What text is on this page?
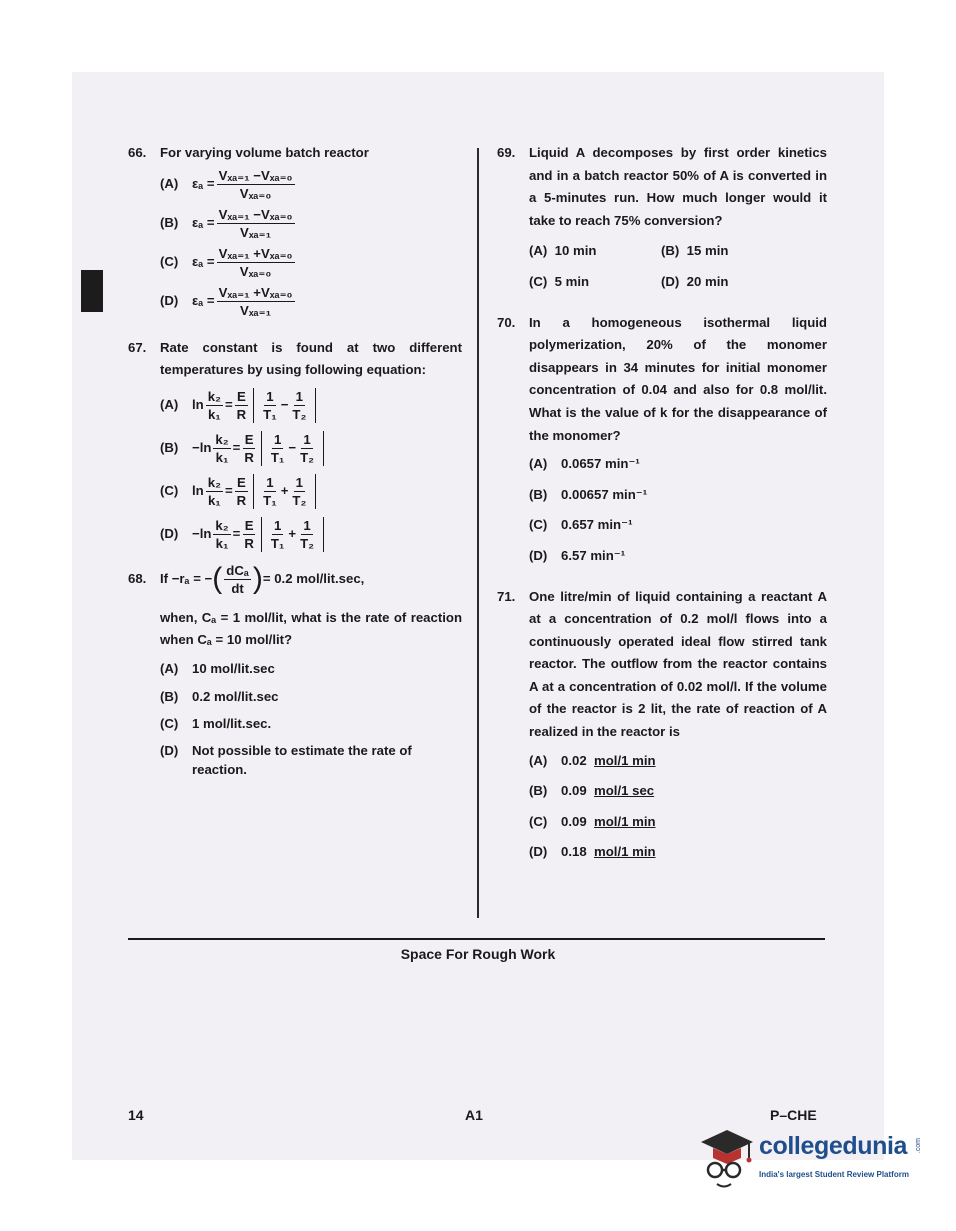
66. For varying volume batch reactor
(A)	$\varepsilon_a = \frac{\text{Vₓₐ₌₁ −Vₓₐ₌₀}}{\text{Vₓₐ₌₀}}$
(B)	$\varepsilon_a = \frac{\text{Vₓₐ₌₁ −Vₓₐ₌₀}}{\text{Vₓₐ₌₁}}$
(C)	$\varepsilon_a = \frac{\text{Vₓₐ₌₁ +Vₓₐ₌₀}}{\text{Vₓₐ₌₀}}$
(D)	$\varepsilon_a = \frac{\text{Vₓₐ₌₁ +Vₓₐ₌₀}}{\text{Vₓₐ₌₁}}$
67. Rate constant is found at two different temperatures by using following equation:
(A)	$\ln \frac{\text{k₂}}{\text{k₁}} = \frac{E}{R} \frac{1}{\text{T₁}} - \frac{1}{\text{T₂}}$
(B)	$-\ln \frac{\text{k₂}}{\text{k₁}} = \frac{E}{R} \frac{1}{\text{T₁}} - \frac{1}{\text{T₂}}$
(C)	$\ln \frac{\text{k₂}}{\text{k₁}} = \frac{E}{R} \frac{1}{\text{T₁}} + \frac{1}{\text{T₂}}$
(D)	$-\ln \frac{\text{k₂}}{\text{k₁}} = \frac{E}{R} \frac{1}{\text{T₁}} + \frac{1}{\text{T₂}}$
68. If −rₐ = − ( $\frac{\text{dCₐ}}{dt}$ ) = 0.2 mol/lit.sec,
when, Cₐ = 1 mol/lit, what is the rate of reaction when Cₐ = 10 mol/lit?
(A)	10 mol/lit.sec
(B)	0.2 mol/lit.sec
(C)	1 mol/lit.sec.
(D)	Not possible to estimate the rate of reaction.
69. Liquid A decomposes by first order kinetics and in a batch reactor 50% of A is converted in a 5-minutes run. How much longer would it take to reach 75% conversion?
(A) 10 min	(B) 15 min
(C) 5 min	(D) 20 min
70. In a homogeneous isothermal liquid polymerization, 20% of the monomer disappears in 34 minutes for initial monomer concentration of 0.04 and also for 0.8 mol/lit. What is the value of k for the disappearance of the monomer?
(A)	0.0657 min⁻¹
(B)	0.00657 min⁻¹
(C)	0.657 min⁻¹
(D)	6.57 min⁻¹
71. One litre/min of liquid containing a reactant A at a concentration of 0.2 mol/l flows into a continuously operated ideal flow stirred tank reactor. The outflow from the reactor contains A at a concentration of 0.02 mol/l. If the volume of the reactor is 2 lit, the rate of reaction of A realized in the reactor is
(A)	0.02
mol/1 min
(B)	0.09
mol/1 sec
(C)	0.09
mol/1 min
(D)	0.18
mol/1 min
Space For Rough Work
14	A1	P–CHE
collegedunia .com
India's largest Student Review Platform
